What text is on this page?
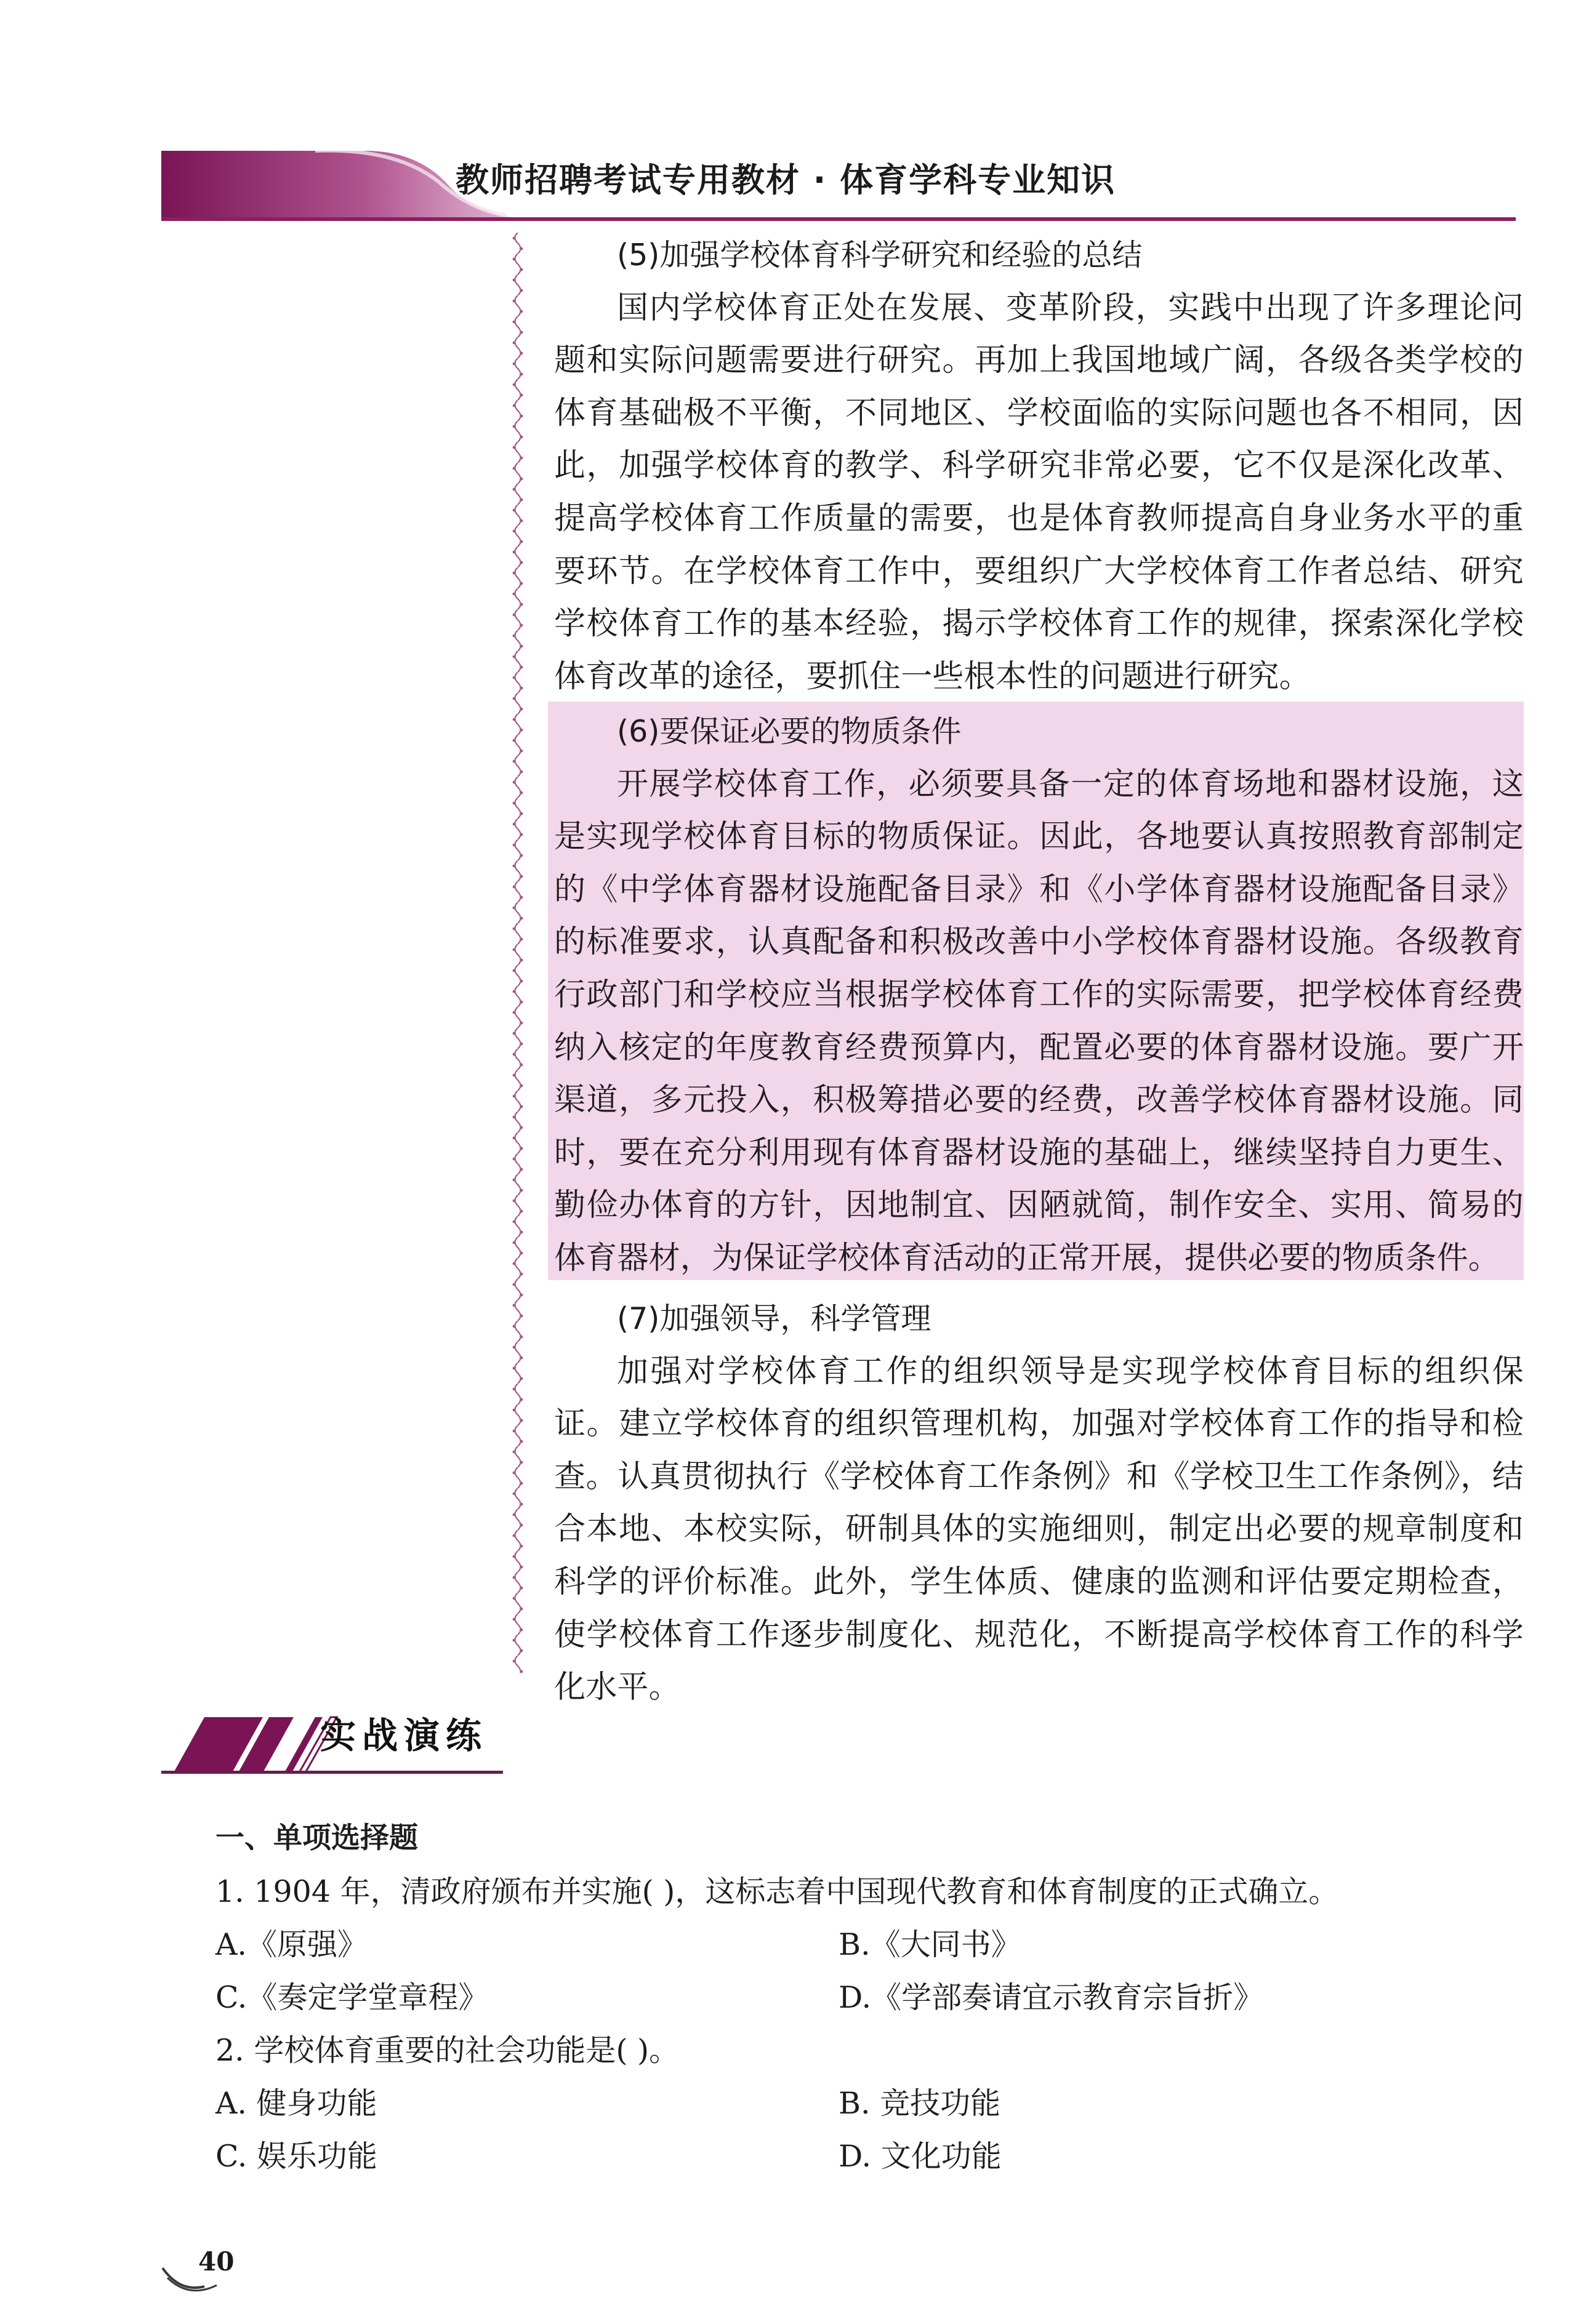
教师招聘考试专用教材 · 体育学科专业知识

(5)加强学校体育科学研究和经验的总结

国内学校体育正处在发展、变革阶段，实践中出现了许多理论问题和实际问题需要进行研究。再加上我国地域广阔，各级各类学校的体育基础极不平衡，不同地区、学校面临的实际问题也各不相同，因此，加强学校体育的教学、科学研究非常必要，它不仅是深化改革、提高学校体育工作质量的需要，也是体育教师提高自身业务水平的重要环节。在学校体育工作中，要组织广大学校体育工作者总结、研究学校体育工作的基本经验，揭示学校体育工作的规律，探索深化学校体育改革的途径，要抓住一些根本性的问题进行研究。

(6)要保证必要的物质条件

开展学校体育工作，必须要具备一定的体育场地和器材设施，这是实现学校体育目标的物质保证。因此，各地要认真按照教育部制定的《中学体育器材设施配备目录》和《小学体育器材设施配备目录》的标准要求，认真配备和积极改善中小学校体育器材设施。各级教育行政部门和学校应当根据学校体育工作的实际需要，把学校体育经费纳入核定的年度教育经费预算内，配置必要的体育器材设施。要广开渠道，多元投入，积极筹措必要的经费，改善学校体育器材设施。同时，要在充分利用现有体育器材设施的基础上，继续坚持自力更生、勤俭办体育的方针，因地制宜、因陋就简，制作安全、实用、简易的体育器材，为保证学校体育活动的正常开展，提供必要的物质条件。

(7)加强领导，科学管理

加强对学校体育工作的组织领导是实现学校体育目标的组织保证。建立学校体育的组织管理机构，加强对学校体育工作的指导和检查。认真贯彻执行《学校体育工作条例》和《学校卫生工作条例》，结合本地、本校实际，研制具体的实施细则，制定出必要的规章制度和科学的评价标准。此外，学生体质、健康的监测和评估要定期检查，使学校体育工作逐步制度化、规范化，不断提高学校体育工作的科学化水平。

实战演练
一、单项选择题
1. 1904 年，清政府颁布并实施( )，这标志着中国现代教育和体育制度的正式确立。
A.《原强》	B.《大同书》
C.《奏定学堂章程》	D.《学部奏请宜示教育宗旨折》
2. 学校体育重要的社会功能是( )。
A. 健身功能	B. 竞技功能
C. 娱乐功能	D. 文化功能
40
